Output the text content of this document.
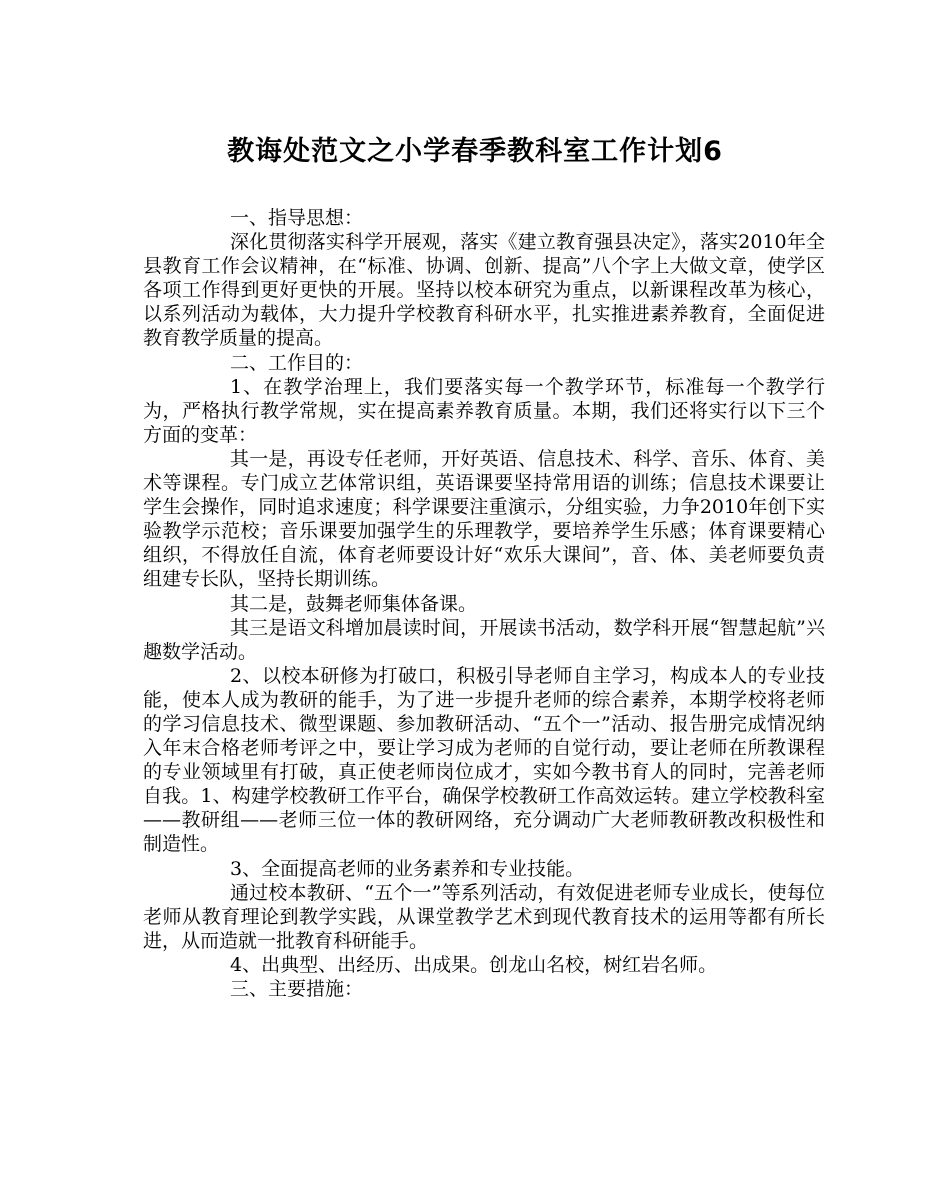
教诲处范文之小学春季教科室工作计划6

一、指导思想：

深化贯彻落实科学开展观，落实《建立教育强县决定》，落实2010年全县教育工作会议精神，在“标准、协调、创新、提高”八个字上大做文章，使学区各项工作得到更好更快的开展。坚持以校本研究为重点，以新课程改革为核心，以系列活动为载体，大力提升学校教育科研水平，扎实推进素养教育，全面促进教育教学质量的提高。

二、工作目的：

1、在教学治理上，我们要落实每一个教学环节，标准每一个教学行为，严格执行教学常规，实在提高素养教育质量。本期，我们还将实行以下三个方面的变革：

其一是，再设专任老师，开好英语、信息技术、科学、音乐、体育、美术等课程。专门成立艺体常识组，英语课要坚持常用语的训练；信息技术课要让学生会操作，同时追求速度；科学课要注重演示，分组实验，力争2010年创下实验教学示范校；音乐课要加强学生的乐理教学，要培养学生乐感；体育课要精心组织，不得放任自流，体育老师要设计好“欢乐大课间”，音、体、美老师要负责组建专长队，坚持长期训练。

其二是，鼓舞老师集体备课。

其三是语文科增加晨读时间，开展读书活动，数学科开展“智慧起航”兴趣数学活动。

2、以校本研修为打破口，积极引导老师自主学习，构成本人的专业技能，使本人成为教研的能手，为了进一步提升老师的综合素养，本期学校将老师的学习信息技术、微型课题、参加教研活动、“五个一”活动、报告册完成情况纳入年末合格老师考评之中，要让学习成为老师的自觉行动，要让老师在所教课程的专业领域里有打破，真正使老师岗位成才，实如今教书育人的同时，完善老师自我。1、构建学校教研工作平台，确保学校教研工作高效运转。建立学校教科室——教研组——老师三位一体的教研网络，充分调动广大老师教研教改积极性和制造性。

3、全面提高老师的业务素养和专业技能。

通过校本教研、“五个一”等系列活动，有效促进老师专业成长，使每位老师从教育理论到教学实践，从课堂教学艺术到现代教育技术的运用等都有所长进，从而造就一批教育科研能手。

4、出典型、出经历、出成果。创龙山名校，树红岩名师。

三、主要措施：
